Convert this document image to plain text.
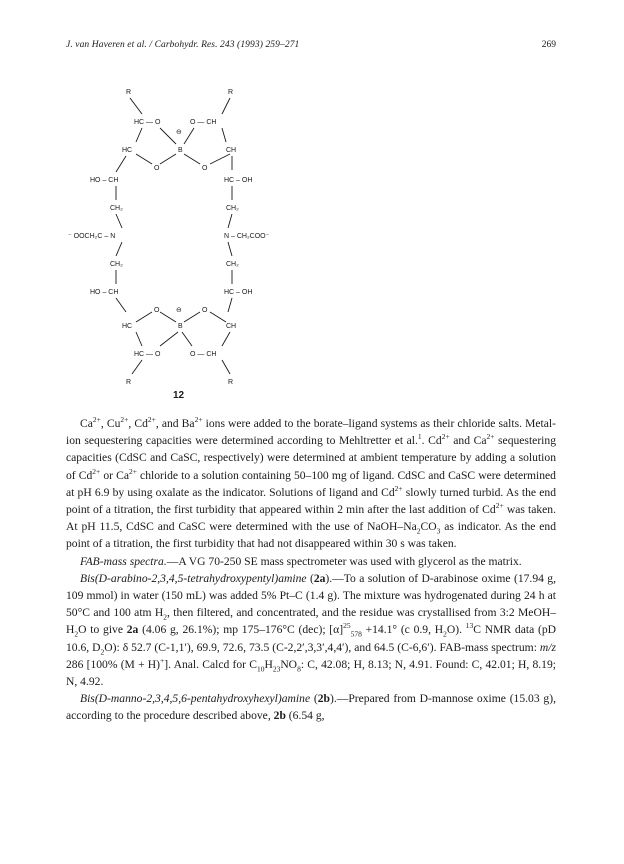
J. van Haveren et al. / Carbohydr. Res. 243 (1993) 259–271	269
R	R
HC — O	O — CH
HC	CH
⊖
B
O	O
HO – CH
CH₂
⁻ OOCH₂C – N
CH₂
HO – CH
HC – OH
CH₂
N – CH₂COO⁻
CH₂
HC – OH
O	O
⊖
HC	B	CH
HC — O	O — CH
R	R
12

$Ca^{2+}$, $Cu^{2+}$, $Cd^{2+}$, and $Ba^{2+}$ ions were added to the borate–ligand systems as their chloride salts. Metal-ion sequestering capacities were determined according to Mehltretter et al.$^1$. $Cd^{2+}$ and $Ca^{2+}$ sequestering capacities (CdSC and CaSC, respectively) were determined at ambient temperature by adding a solution of $Cd^{2+}$ or $Ca^{2+}$ chloride to a solution containing 50–100 mg of ligand. CdSC and CaSC were determined at pH 6.9 by using oxalate as the indicator. Solutions of ligand and $Cd^{2+}$ slowly turned turbid. As the end point of a titration, the first turbidity that appeared within 2 min after the last addition of $Cd^{2+}$ was taken. At pH 11.5, CdSC and CaSC were determined with the use of NaOH–$Na_2CO_3$ as indicator. As the end point of a titration, the first turbidity that had not disappeared within 30 s was taken.

FAB-mass spectra.—A VG 70-250 SE mass spectrometer was used with glycerol as the matrix.

Bis(D-arabino-2,3,4,5-tetrahydroxypentyl)amine (2a).—To a solution of D-arabinose oxime (17.94 g, 109 mmol) in water (150 mL) was added 5% Pt–C (1.4 g). The mixture was hydrogenated during 24 h at 50°C and 100 atm $H_2$, then filtered, and concentrated, and the residue was crystallised from 3:2 MeOH–$H_2O$ to give 2a (4.06 g, 26.1%); mp 175–176°C (dec); $[\alpha]^{25}_{578} +14.1^\circ$ (c 0.9, $H_2O$). $^{13}$C NMR data (pD 10.6, $D_2O$): δ 52.7 (C-1,1′), 69.9, 72.6, 73.5 (C-2,2′,3,3′,4,4′), and 64.5 (C-6,6′). FAB-mass spectrum: m/z 286 [100% (M + H)+]. Anal. Calcd for $C_{10}H_{23}NO_8$: C, 42.08; H, 8.13; N, 4.91. Found: C, 42.01; H, 8.19; N, 4.92.

Bis(D-manno-2,3,4,5,6-pentahydroxyhexyl)amine (2b).—Prepared from D-mannose oxime (15.03 g), according to the procedure described above, 2b (6.54 g,
